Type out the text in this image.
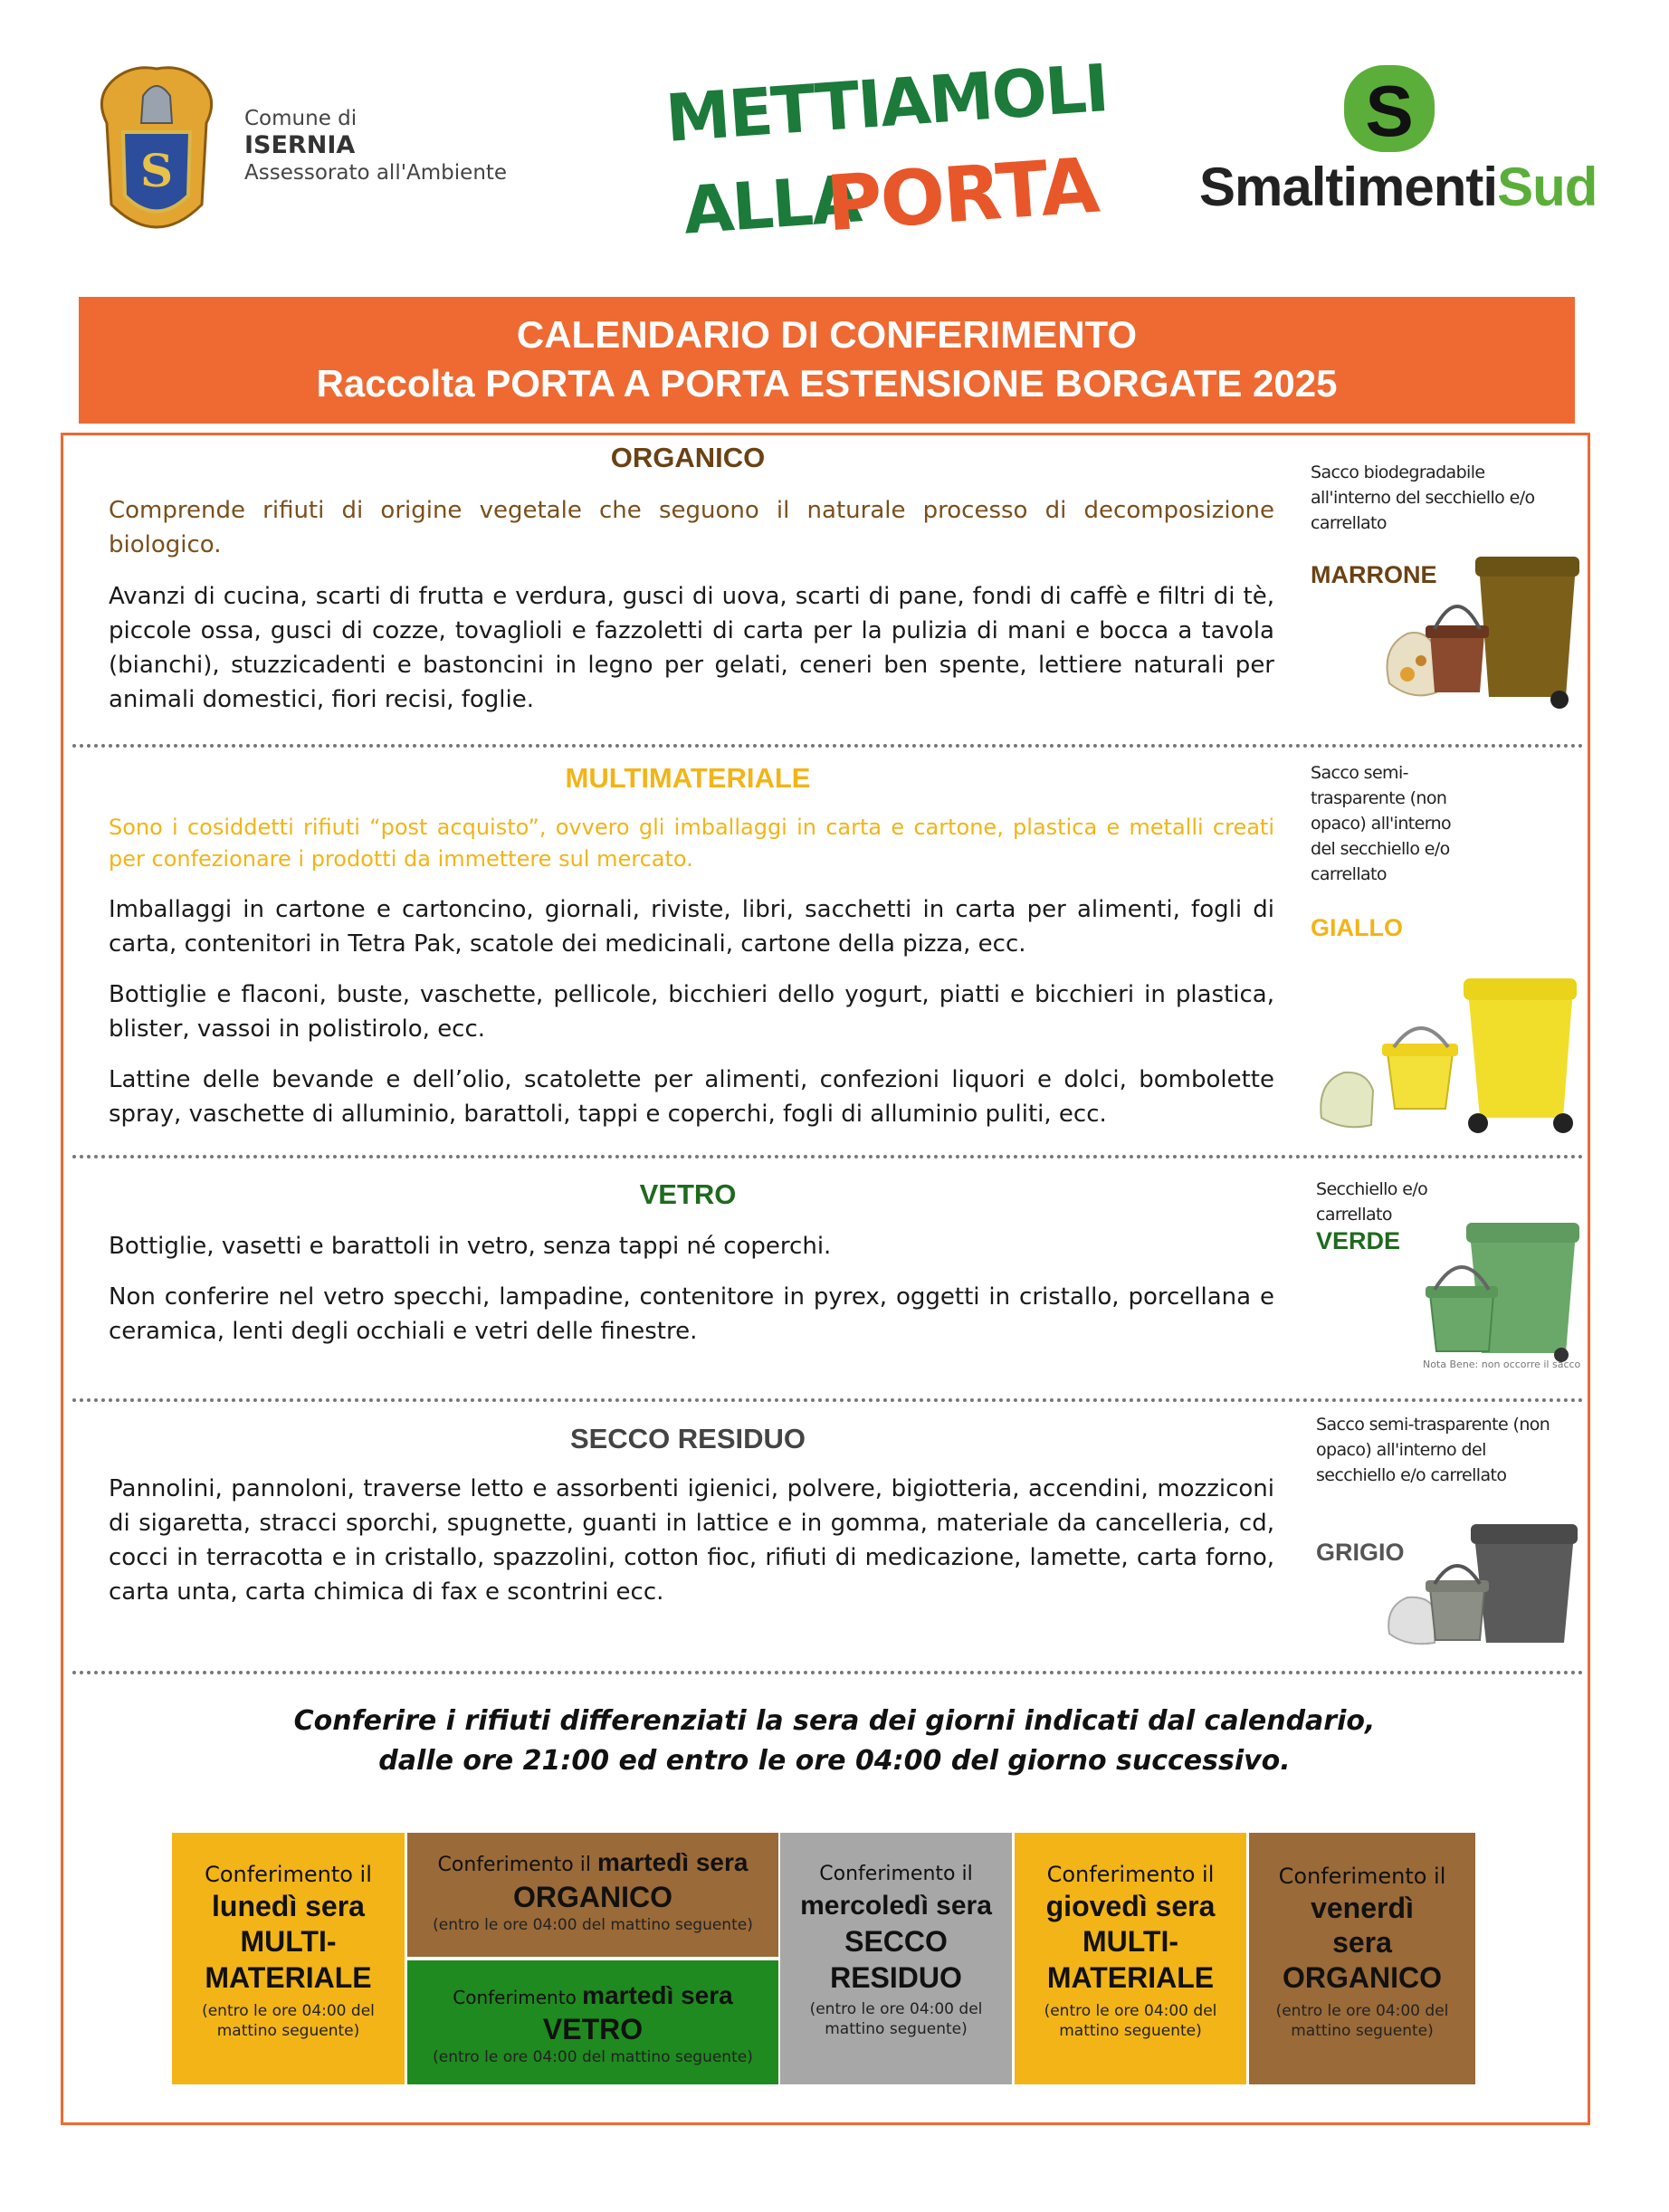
S
Comune di
ISERNIA
Assessorato all'Ambiente
METTIAMOLI
ALLA
PORTA
S
SmaltimentiSud
CALENDARIO DI CONFERIMENTO
Raccolta PORTA A PORTA ESTENSIONE BORGATE 2025
ORGANICO
Comprende rifiuti di origine vegetale che seguono il naturale processo di decomposizione biologico.
Avanzi di cucina, scarti di frutta e verdura, gusci di uova, scarti di pane, fondi di caffè e filtri di tè, piccole ossa, gusci di cozze, tovaglioli e fazzoletti di carta per la pulizia di mani e bocca a tavola (bianchi), stuzzicadenti e bastoncini in legno per gelati, ceneri ben spente, lettiere naturali per animali domestici, fiori recisi, foglie.
Sacco biodegradabile all'interno del secchiello e/o carrellato
MARRONE
MULTIMATERIALE
Sono i cosiddetti rifiuti “post acquisto”, ovvero gli imballaggi in carta e cartone, plastica e metalli creati per confezionare i prodotti da immettere sul mercato.
Imballaggi in cartone e cartoncino, giornali, riviste, libri, sacchetti in carta per alimenti, fogli di carta, contenitori in Tetra Pak, scatole dei medicinali, cartone della pizza, ecc.
Bottiglie e flaconi, buste, vaschette, pellicole, bicchieri dello yogurt, piatti e bicchieri in plastica, blister, vassoi in polistirolo, ecc.
Lattine delle bevande e dell’olio, scatolette per alimenti, confezioni liquori e dolci, bombolette spray, vaschette di alluminio, barattoli, tappi e coperchi, fogli di alluminio puliti, ecc.
Sacco semi-trasparente (non opaco) all'interno del secchiello e/o carrellato
GIALLO
VETRO
Bottiglie, vasetti e barattoli in vetro, senza tappi né coperchi.
Non conferire nel vetro specchi, lampadine, contenitore in pyrex, oggetti in cristallo, porcellana e ceramica, lenti degli occhiali e vetri delle finestre.
Secchiello e/o carrellato
VERDE
Nota Bene: non occorre il sacco
SECCO RESIDUO
Pannolini, pannoloni, traverse letto e assorbenti igienici, polvere, bigiotteria, accendini, mozziconi di sigaretta, stracci sporchi, spugnette, guanti in lattice e in gomma, materiale da cancelleria, cd, cocci in terracotta e in cristallo, spazzolini, cotton fioc, rifiuti di medicazione, lamette, carta forno, carta unta, carta chimica di fax e scontrini ecc.
Sacco semi-trasparente (non opaco) all'interno del secchiello e/o carrellato
GRIGIO
Conferire i rifiuti differenziati la sera dei giorni indicati dal calendario,
dalle ore 21:00 ed entro le ore 04:00 del giorno successivo.
Conferimento il
lunedì sera
MULTI-MATERIALE
(entro le ore 04:00 del mattino seguente)
Conferimento il martedì sera
ORGANICO
(entro le ore 04:00 del mattino seguente)
Conferimento martedì sera
VETRO
(entro le ore 04:00 del mattino seguente)
Conferimento il
mercoledì sera
SECCO RESIDUO
(entro le ore 04:00 del mattino seguente)
Conferimento il
giovedì sera
MULTI-MATERIALE
(entro le ore 04:00 del mattino seguente)
Conferimento il
venerdì sera
ORGANICO
(entro le ore 04:00 del mattino seguente)
